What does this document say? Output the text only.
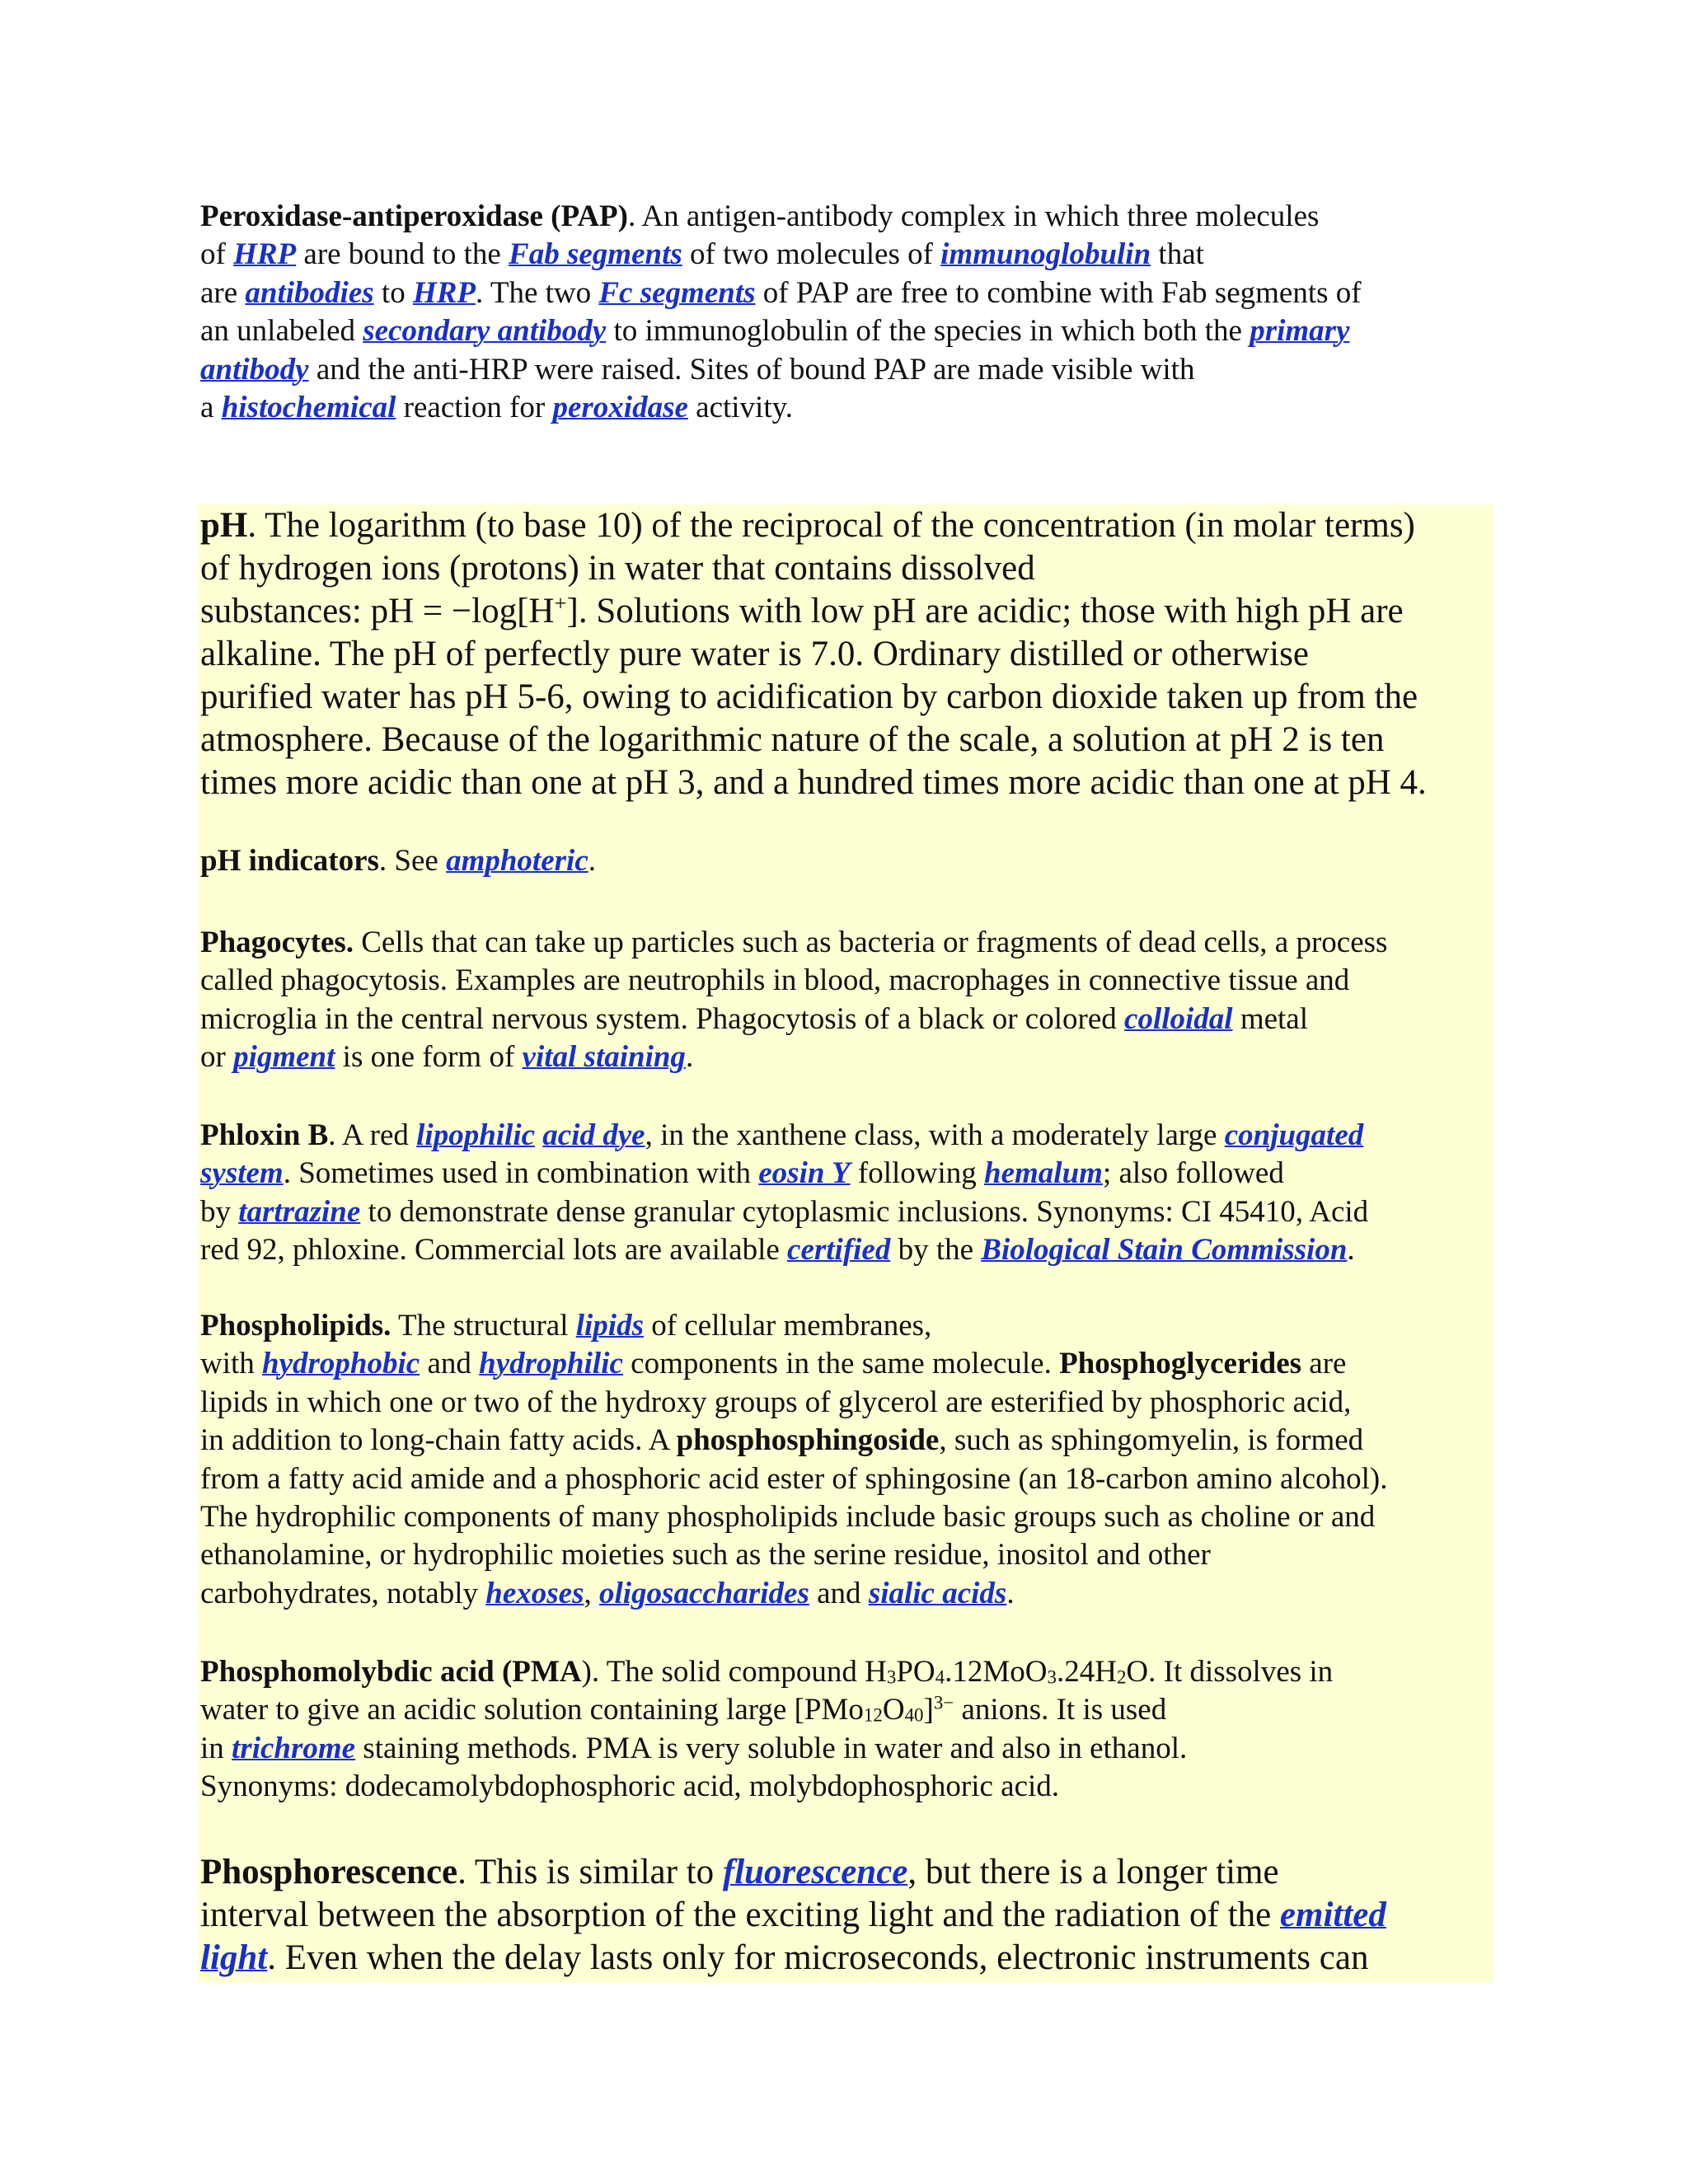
Peroxidase-antiperoxidase (PAP). An antigen-antibody complex in which three molecules
of HRP are bound to the Fab segments of two molecules of immunoglobulin that
are antibodies to HRP. The two Fc segments of PAP are free to combine with Fab segments of
an unlabeled secondary antibody to immunoglobulin of the species in which both the primary
antibody and the anti-HRP were raised. Sites of bound PAP are made visible with
a histochemical reaction for peroxidase activity.
pH. The logarithm (to base 10) of the reciprocal of the concentration (in molar terms)
of hydrogen ions (protons) in water that contains dissolved
substances: pH = −log[H+]. Solutions with low pH are acidic; those with high pH are
alkaline. The pH of perfectly pure water is 7.0. Ordinary distilled or otherwise
purified water has pH 5-6, owing to acidification by carbon dioxide taken up from the
atmosphere. Because of the logarithmic nature of the scale, a solution at pH 2 is ten
times more acidic than one at pH 3, and a hundred times more acidic than one at pH 4.
pH indicators. See amphoteric.
Phagocytes. Cells that can take up particles such as bacteria or fragments of dead cells, a process
called phagocytosis. Examples are neutrophils in blood, macrophages in connective tissue and
microglia in the central nervous system. Phagocytosis of a black or colored colloidal metal
or pigment is one form of vital staining.
Phloxin B. A red lipophilic acid dye, in the xanthene class, with a moderately large conjugated
system. Sometimes used in combination with eosin Y following hemalum; also followed
by tartrazine to demonstrate dense granular cytoplasmic inclusions. Synonyms: CI 45410, Acid
red 92, phloxine. Commercial lots are available certified by the Biological Stain Commission.
Phospholipids. The structural lipids of cellular membranes,
with hydrophobic and hydrophilic components in the same molecule. Phosphoglycerides are
lipids in which one or two of the hydroxy groups of glycerol are esterified by phosphoric acid,
in addition to long-chain fatty acids. A phosphosphingoside, such as sphingomyelin, is formed
from a fatty acid amide and a phosphoric acid ester of sphingosine (an 18-carbon amino alcohol).
The hydrophilic components of many phospholipids include basic groups such as choline or and
ethanolamine, or hydrophilic moieties such as the serine residue, inositol and other
carbohydrates, notably hexoses, oligosaccharides and sialic acids.
Phosphomolybdic acid (PMA). The solid compound $H_3PO_4.12MoO_3.24H_2O$. It dissolves in
water to give an acidic solution containing large $[PMo_{12}O_{40}]^{3-}$ anions. It is used
in trichrome staining methods. PMA is very soluble in water and also in ethanol.
Synonyms: dodecamolybdophosphoric acid, molybdophosphoric acid.
Phosphorescence. This is similar to fluorescence, but there is a longer time
interval between the absorption of the exciting light and the radiation of the emitted
light. Even when the delay lasts only for microseconds, electronic instruments can
